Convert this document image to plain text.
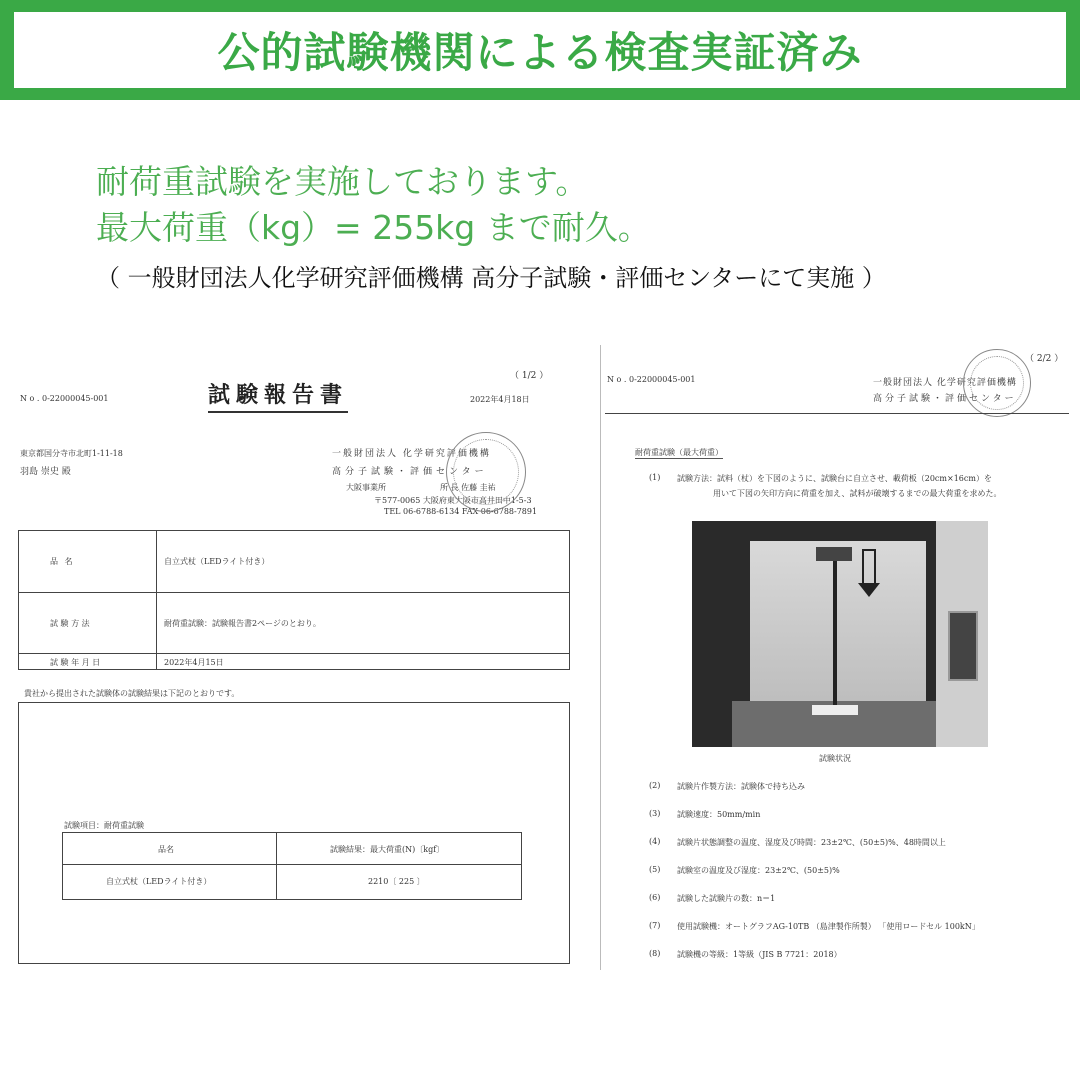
公的試験機関による検査実証済み
耐荷重試験を実施しております。
最大荷重（kg）= 255kg まで耐久。
（ 一般財団法人化学研究評価機構 高分子試験・評価センターにて実施 ）
（ 1/2 ）
N o . 0-22000045-001	試験報告書	2022年4月18日
東京都国分寺市北町1-11-18
羽島 崇史 殿
一般財団法人 化学研究評価機構
高分子試験・評価センター
大阪事業所	所 長 佐藤 圭祐
〒577-0065 大阪府東大阪市高井田中1-5-3
TEL 06-6788-6134 FAX 06-6788-7891
品 名	自立式杖（LEDライト付き）
試 験 方 法	耐荷重試験：試験報告書2ページのとおり。
試 験 年 月 日	2022年4月15日
貴社から提出された試験体の試験結果は下記のとおりです。
試験項目：耐荷重試験
品名	試験結果：最大荷重(N)〔kgf〕
自立式杖（LEDライト付き）	2210〔 225 〕
（ 2/2 ）
N o . 0-22000045-001	一般財団法人 化学研究評価機構
高分子試験・評価センター
耐荷重試験（最大荷重）
(1) 試験方法：試料（杖）を下図のように、試験台に自立させ、載荷板（20cm×16cm）を
用いて下図の矢印方向に荷重を加え、試料が破壊するまでの最大荷重を求めた。
試験状況
(2) 試験片作製方法：試験体で持ち込み
(3) 試験速度：50mm/min
(4) 試験片状態調整の温度、湿度及び時間：23±2℃、(50±5)%、48時間以上
(5) 試験室の温度及び湿度：23±2℃、(50±5)%
(6) 試験した試験片の数：n＝1
(7) 使用試験機：オートグラフAG-10TB （島津製作所製） 「使用ロードセル 100kN」
(8) 試験機の等級：1等級（JIS B 7721：2018）
